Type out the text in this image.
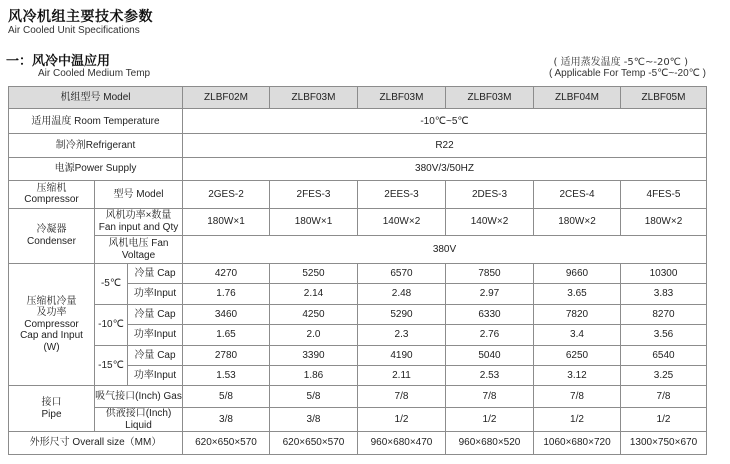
风冷机组主要技术参数
Air Cooled Unit Specifications
一：风冷中温应用
Air Cooled Medium Temp
( 适用蒸发温度 -5℃~-20℃ )
( Applicable For Temp -5℃~-20℃ )
机组型号 Model			ZLBF02M	ZLBF03M	ZLBF03M	ZLBF03M	ZLBF04M	ZLBF05M
适用温度 Room Temperature			-10℃~5℃					
制冷剂Refrigerant			R22					
电源Power Supply			380V/3/50HZ					

压缩机
Compressor	型号 Model		2GES-2	2FES-3	2EES-3	2DES-3	2CES-4	4FES-5

冷凝器
Condenser	风机功率×数量
Fan input and Qty		180W×1	180W×1	140W×2	140W×2	180W×2	180W×2
	风机电压 Fan Voltage		380V					

压缩机冷量
及功率
Compressor
Cap and Input
(W)	-5℃	冷量 Cap	4270	5250	6570	7850	9660	10300
		功率Input	1.76	2.14	2.48	2.97	3.65	3.83
	-10℃	冷量 Cap	3460	4250	5290	6330	7820	8270
		功率Input	1.65	2.0	2.3	2.76	3.4	3.56
	-15℃	冷量 Cap	2780	3390	4190	5040	6250	6540
		功率Input	1.53	1.86	2.11	2.53	3.12	3.25

接口
Pipe	吸气接口(Inch) Gas		5/8	5/8	7/8	7/8	7/8	7/8
	供液接口(Inch) Liquid		3/8	3/8	1/2	1/2	1/2	1/2
外形尺寸 Overall size（MM）			620×650×570	620×650×570	960×680×470	960×680×520	1060×680×720	1300×750×670
